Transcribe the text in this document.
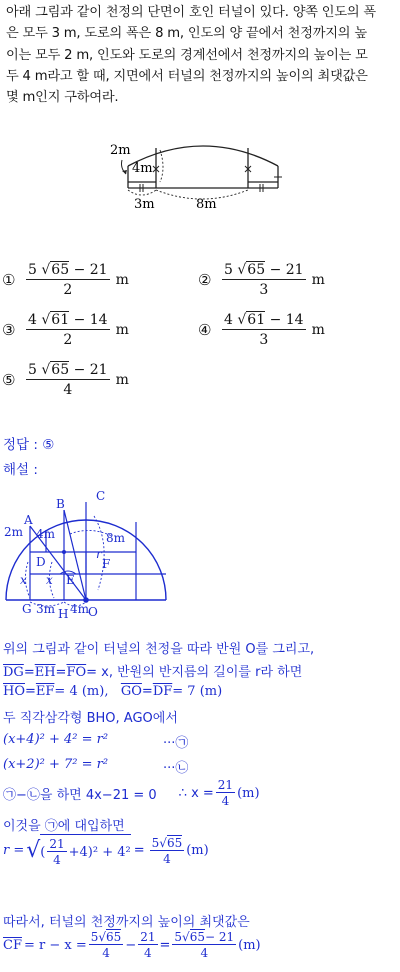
아래 그림과 같이 천정의 단면이 호인 터널이 있다. 양쪽 인도의 폭
은 모두 3 m, 도로의 폭은 8 m, 인도의 양 끝에서 천정까지의 높
이는 모두 2 m, 인도와 도로의 경계선에서 천정까지의 높이는 모
두 4 m라고 할 때, 지면에서 터널의 천정까지의 높이의 최댓값은
몇 m인지 구하여라.
2m
4m
3m	8m
① $\frac{5 √65 - 21}{2}$ m	② $\frac{5 √65 - 21}{3}$ m
③ $\frac{4 √61 - 14}{2}$ m	④ $\frac{4 √61 - 14}{3}$ m
⑤ $\frac{5 √65 - 21}{4}$ m
정답 : ⑤
해설 :
A
B
C
D
E
F
G H O
2m 4m	8m
3m 4m
x x
r
위의 그림과 같이 터널의 천정을 따라 반원 O를 그리고,
$\overline{DG}=\overline{EH}=\overline{FO}= x$, 반원의 반지름의 길이를 r라 하면
$\overline{HO}=\overline{EF}= 4$ (m), $\overline{GO}=\overline{DF}= 7$ (m)
두 직각삼각형 BHO, AGO에서
(x+4)² + 4² = r²	···㉠
(x+2)² + 7² = r²	···㉡
㉠−㉡을 하면 4x−21 = 0 ∴ $x = \frac{21}{4} (m)$
이것을 ㉠에 대입하면
r = √ (
21
4
$+4)^2 + 4^2 = \frac{5√65}{4} (m)$
따라서, 터널의 천정까지의 높이의 최댓값은
$\overline{CF} = r - x = \frac{5√65}{4} - \frac{21}{4} = \frac{5√65- 21}{4} (m)$
